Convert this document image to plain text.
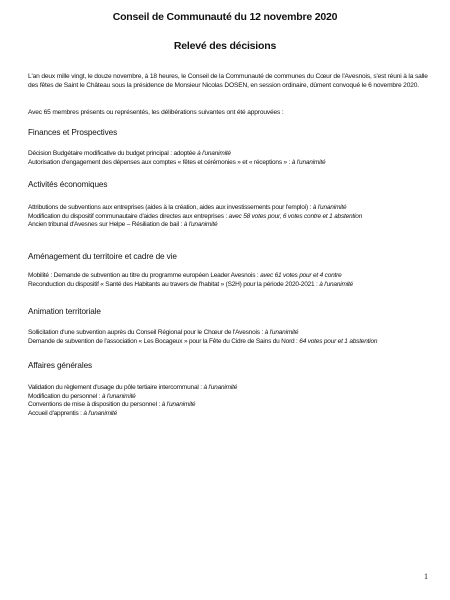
Conseil de Communauté du 12 novembre 2020
Relevé des décisions
L'an deux mille vingt, le douze novembre, à 18 heures, le Conseil de la Communauté de communes du Cœur de l'Avesnois, s'est réuni à la salle des fêtes de Saint le Château sous la présidence de Monsieur Nicolas DOSEN, en session ordinaire, dûment convoqué le 6 novembre 2020.
Avec 65 membres présents ou représentés, les délibérations suivantes ont été approuvées :
Finances et Prospectives
Décision Budgétaire modificative du budget principal : adoptée à l'unanimité
Autorisation d'engagement des dépenses aux comptes « fêtes et cérémonies » et « réceptions » : à l'unanimité
Activités économiques
Attributions de subventions aux entreprises (aides à la création, aides aux investissements pour l'emploi) : à l'unanimité
Modification du dispositif communautaire d'aides directes aux entreprises : avec 58 votes pour, 6 votes contre et 1 abstention
Ancien tribunal d'Avesnes sur Helpe – Résiliation de bail : à l'unanimité
Aménagement du territoire et cadre de vie
Mobilité : Demande de subvention au titre du programme européen Leader Avesnois : avec 61 votes pour et 4 contre
Reconduction du dispositif « Santé des Habitants au travers de l'habitat » (S2H) pour la période 2020-2021 : à l'unanimité
Animation territoriale
Sollicitation d'une subvention auprès du Conseil Régional pour le Chœur de l'Avesnois : à l'unanimité
Demande de subvention de l'association « Les Bocageux » pour la Fête du Cidre de Sains du Nord : 64 votes pour et 1 abstention
Affaires générales
Validation du règlement d'usage du pôle tertiaire intercommunal : à l'unanimité
Modification du personnel : à l'unanimité
Conventions de mise à disposition du personnel : à l'unanimité
Accueil d'apprentis : à l'unanimité
1
